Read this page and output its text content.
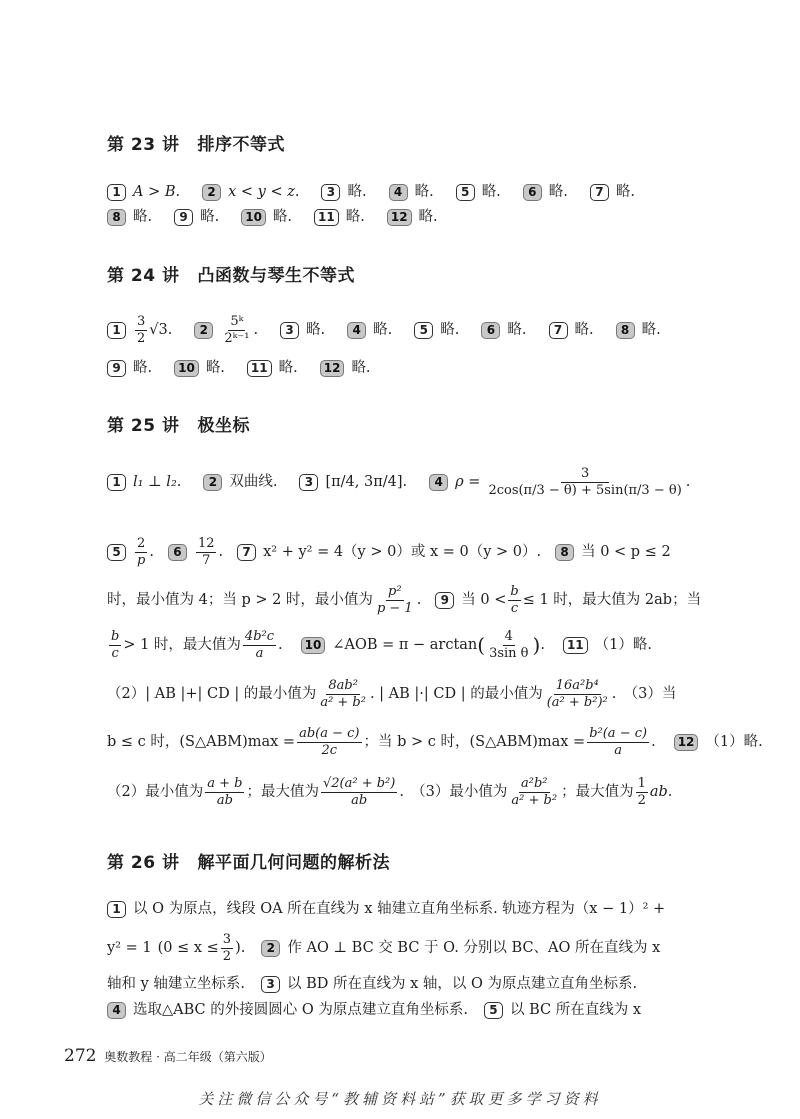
第 23 讲 排序不等式
1 A > B.	2 x < y < z.	3 略.	4 略.	5 略.	6 略.	7 略.
8 略.	9 略.	10 略.	11 略.	12 略.
第 24 讲 凸函数与琴生不等式
1	$\frac{3}{2} √3$.	2	$\frac{\text{5ᵏ}}{\text{2ᵏ⁻¹}}$ .	3 略.	4 略.	5 略.	6 略.	7 略.	8 略.
9 略.	10 略.	11 略.	12 略.
第 25 讲 极坐标
1 l₁ ⊥ l₂.	2 双曲线.	3 [π/4, 3π/4].	4 $\rho = \frac{3}{2\cos(\pi/3 - \theta) + 5\sin(\pi/3 - \theta)}$ .
5	$\frac{2}{p}$ .	6	$\frac{12}{7}$ .	7 x² + y² = 4（y > 0）或 x = 0（y > 0）.	8 当 0 < p ≤ 2
时，最小值为 4；当 p > 2 时，最小值为 $\frac{\text{p²}}{p - 1}$ .	9 当 $0 < \frac{b}{c} \le 1$ 时，最大值为 2ab；当
$\frac{b}{c} > 1$ 时，最大值为 $\frac{\text{4b²c}}{a}$ .	10 ∠AOB = π − arctan ( $\frac{4}{\text{3sin θ}}$ ) .	11 （1）略.
（2）| AB |+| CD | 的最小值为 $\frac{\text{8ab²}}{\text{a² + b²}}$ . | AB |·| CD | 的最小值为 $\frac{\text{16a²b⁴}}{\text{(a² + b²)²}}$ .　（3）当
b ≤ c 时，(S△ABM)max = $\frac{ab(a - c)}{2c}$ ；当 b > c 时，(S△ABM)max = $\frac{\text{b²(a − c)}}{a}$ .	12 （1）略.
（2）最小值为 $\frac{a + b}{ab}$ ；最大值为 $\frac{\text{√2(a² + b²)}}{ab}$ .　（3）最小值为 $\frac{\text{a²b²}}{\text{a² + b²}}$ ；最大值为 $\frac{1}{2}$ ab.
第 26 讲 解平面几何问题的解析法
1 以 O 为原点，线段 OA 所在直线为 x 轴建立直角坐标系. 轨迹方程为（x − 1）² +
y² = 1 ($0 \le x \le \frac{3}{2}$ ).	2 作 AO ⊥ BC 交 BC 于 O. 分别以 BC、AO 所在直线为 x
轴和 y 轴建立坐标系.	3 以 BD 所在直线为 x 轴，以 O 为原点建立直角坐标系.
4 选取△ABC 的外接圆圆心 O 为原点建立直角坐标系.	5 以 BC 所在直线为 x
272 奥数教程 · 高二年级（第六版）
关注微信公众号“教辅资料站”获取更多学习资料
